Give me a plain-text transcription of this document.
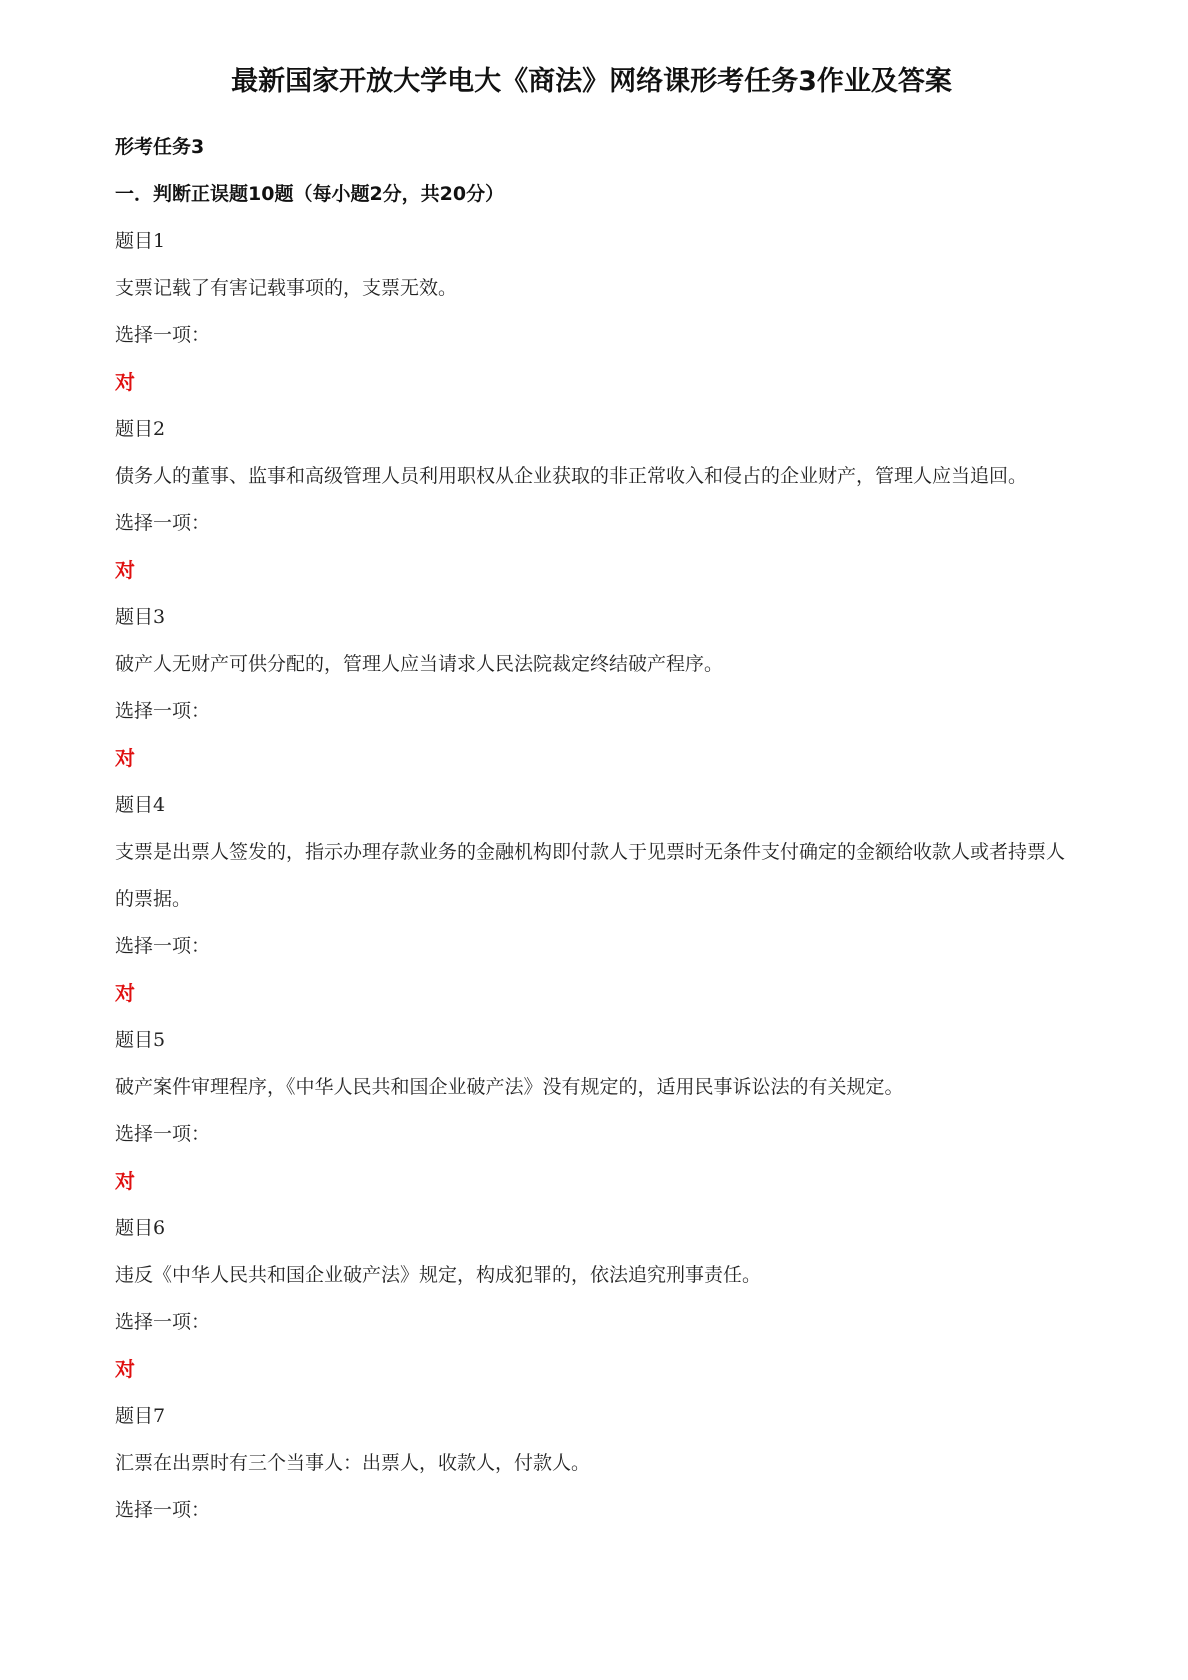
最新国家开放大学电大《商法》网络课形考任务3作业及答案
形考任务3
一．判断正误题10题（每小题2分，共20分）
题目1
支票记载了有害记载事项的，支票无效。
选择一项：
对
题目2
债务人的董事、监事和高级管理人员利用职权从企业获取的非正常收入和侵占的企业财产，管理人应当追回。
选择一项：
对
题目3
破产人无财产可供分配的，管理人应当请求人民法院裁定终结破产程序。
选择一项：
对
题目4
支票是出票人签发的，指示办理存款业务的金融机构即付款人于见票时无条件支付确定的金额给收款人或者持票人的票据。
选择一项：
对
题目5
破产案件审理程序，《中华人民共和国企业破产法》没有规定的，适用民事诉讼法的有关规定。
选择一项：
对
题目6
违反《中华人民共和国企业破产法》规定，构成犯罪的，依法追究刑事责任。
选择一项：
对
题目7
汇票在出票时有三个当事人：出票人，收款人，付款人。
选择一项：
